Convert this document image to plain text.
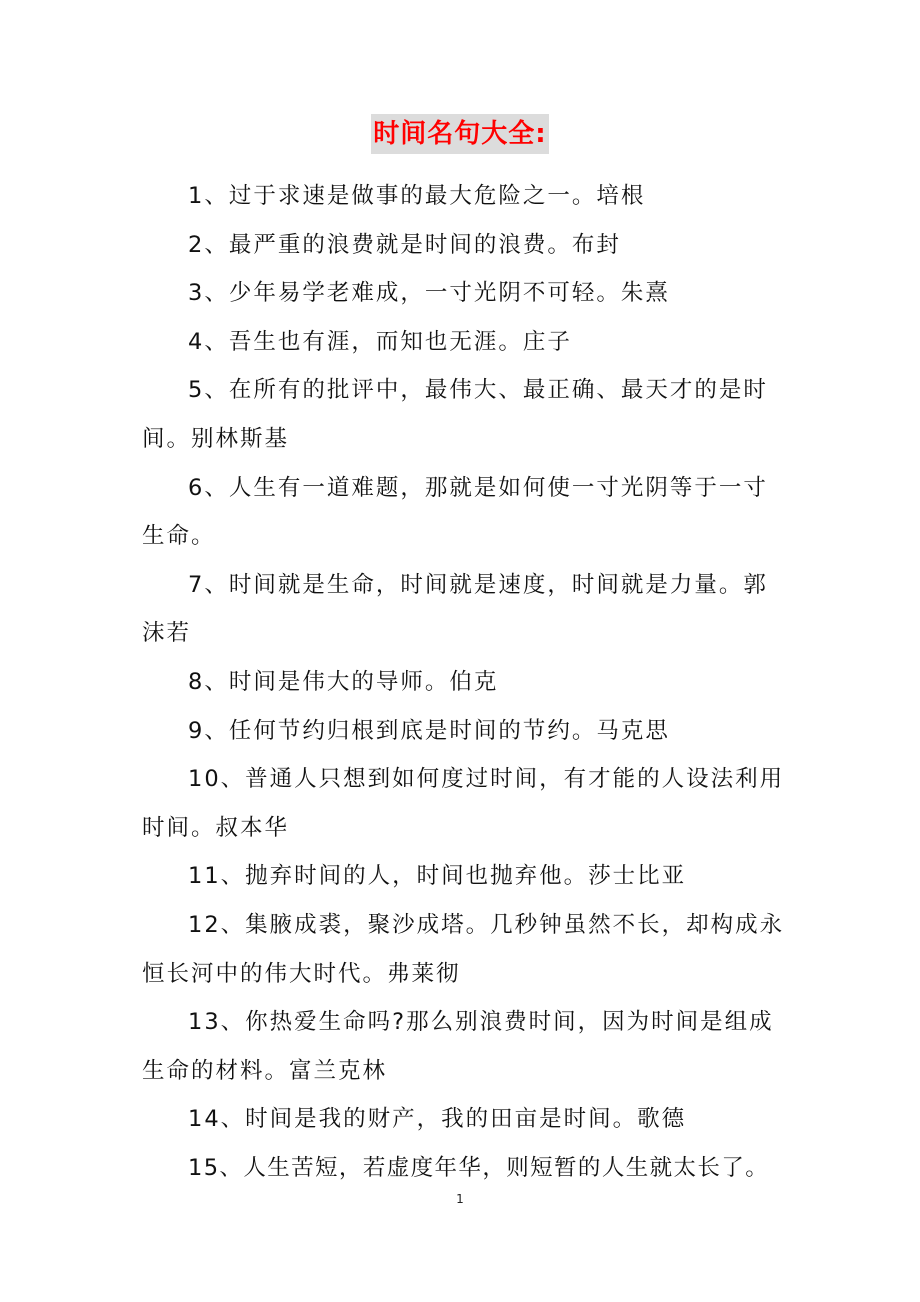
时间名句大全:

1、过于求速是做事的最大危险之一。培根

2、最严重的浪费就是时间的浪费。布封

3、少年易学老难成，一寸光阴不可轻。朱熹

4、吾生也有涯，而知也无涯。庄子

5、在所有的批评中，最伟大、最正确、最天才的是时间。别林斯基

6、人生有一道难题，那就是如何使一寸光阴等于一寸生命。

7、时间就是生命，时间就是速度，时间就是力量。郭沫若

8、时间是伟大的导师。伯克

9、任何节约归根到底是时间的节约。马克思

10、普通人只想到如何度过时间，有才能的人设法利用时间。叔本华

11、抛弃时间的人，时间也抛弃他。莎士比亚

12、集腋成裘，聚沙成塔。几秒钟虽然不长，却构成永恒长河中的伟大时代。弗莱彻

13、你热爱生命吗?那么别浪费时间，因为时间是组成生命的材料。富兰克林

14、时间是我的财产，我的田亩是时间。歌德

15、人生苦短，若虚度年华，则短暂的人生就太长了。

1
